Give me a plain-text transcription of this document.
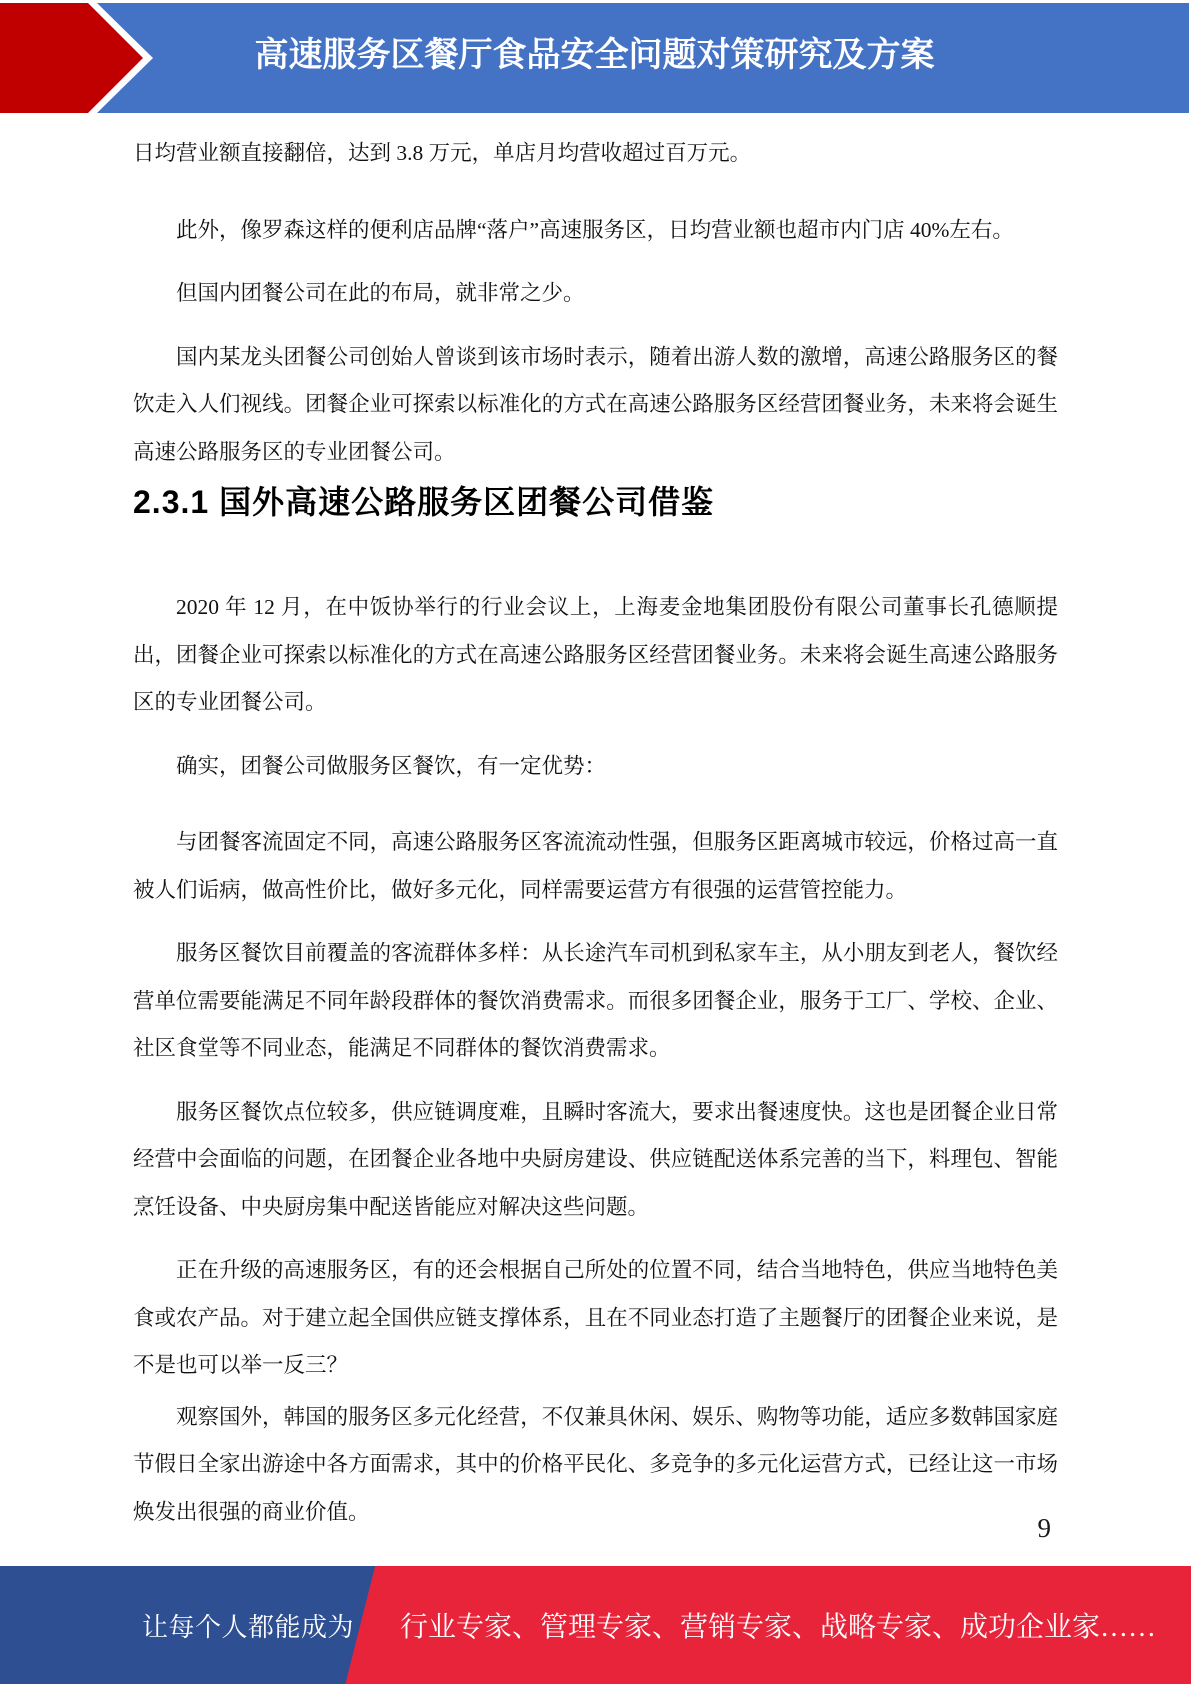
高速服务区餐厅食品安全问题对策研究及方案

日均营业额直接翻倍，达到 3.8 万元，单店月均营收超过百万元。

此外，像罗森这样的便利店品牌“落户”高速服务区，日均营业额也超市内门店 40%左右。

但国内团餐公司在此的布局，就非常之少。

国内某龙头团餐公司创始人曾谈到该市场时表示，随着出游人数的激增，高速公路服务区的餐饮走入人们视线。团餐企业可探索以标准化的方式在高速公路服务区经营团餐业务，未来将会诞生高速公路服务区的专业团餐公司。

2.3.1 国外高速公路服务区团餐公司借鉴

2020 年 12 月，在中饭协举行的行业会议上，上海麦金地集团股份有限公司董事长孔德顺提出，团餐企业可探索以标准化的方式在高速公路服务区经营团餐业务。未来将会诞生高速公路服务区的专业团餐公司。

确实，团餐公司做服务区餐饮，有一定优势：

与团餐客流固定不同，高速公路服务区客流流动性强，但服务区距离城市较远，价格过高一直被人们诟病，做高性价比，做好多元化，同样需要运营方有很强的运营管控能力。

服务区餐饮目前覆盖的客流群体多样：从长途汽车司机到私家车主，从小朋友到老人，餐饮经营单位需要能满足不同年龄段群体的餐饮消费需求。而很多团餐企业，服务于工厂、学校、企业、社区食堂等不同业态，能满足不同群体的餐饮消费需求。

服务区餐饮点位较多，供应链调度难，且瞬时客流大，要求出餐速度快。这也是团餐企业日常经营中会面临的问题，在团餐企业各地中央厨房建设、供应链配送体系完善的当下，料理包、智能烹饪设备、中央厨房集中配送皆能应对解决这些问题。

正在升级的高速服务区，有的还会根据自己所处的位置不同，结合当地特色，供应当地特色美食或农产品。对于建立起全国供应链支撑体系，且在不同业态打造了主题餐厅的团餐企业来说，是不是也可以举一反三？

观察国外，韩国的服务区多元化经营，不仅兼具休闲、娱乐、购物等功能，适应多数韩国家庭节假日全家出游途中各方面需求，其中的价格平民化、多竞争的多元化运营方式，已经让这一市场焕发出很强的商业价值。

9
让每个人都能成为 行业专家、管理专家、营销专家、战略专家、成功企业家……
